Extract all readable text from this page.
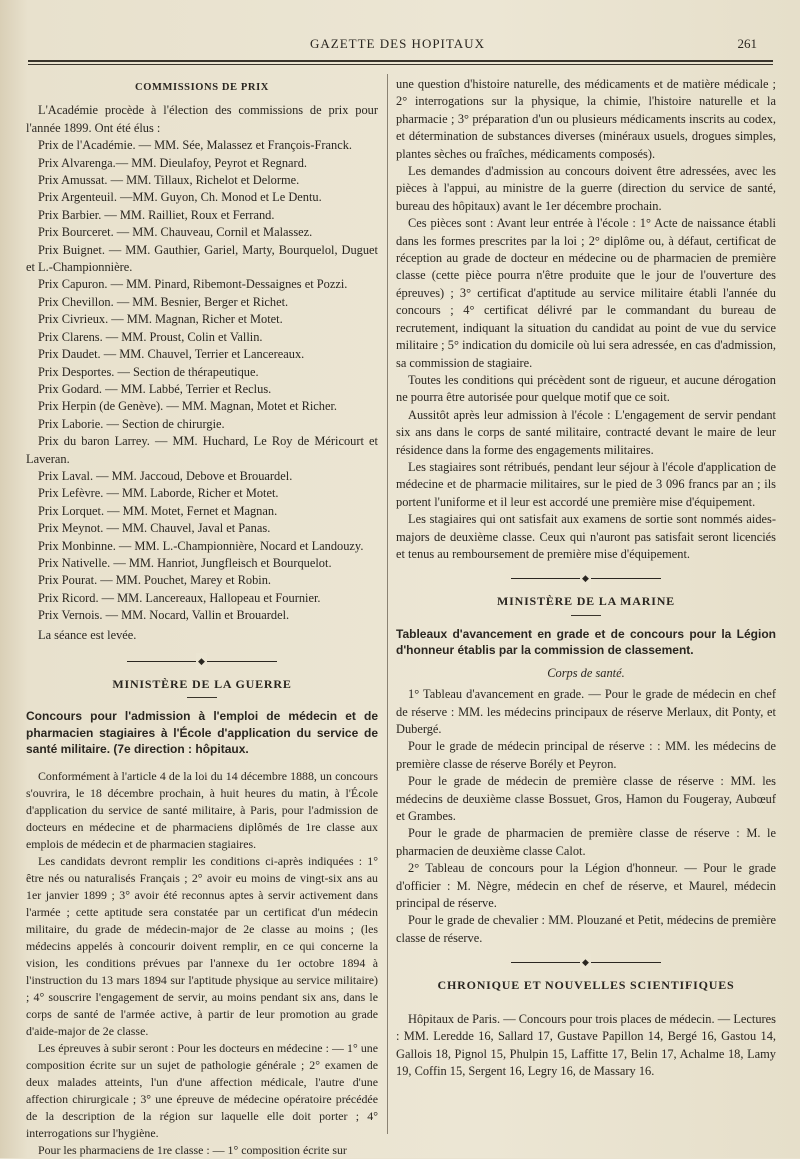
GAZETTE DES HOPITAUX	261
COMMISSIONS DE PRIX

L'Académie procède à l'élection des commissions de prix pour l'année 1899. Ont été élus :

Prix de l'Académie. — MM. Sée, Malassez et François-Franck.

Prix Alvarenga.— MM. Dieulafoy, Peyrot et Regnard.

Prix Amussat. — MM. Tillaux, Richelot et Delorme.

Prix Argenteuil. —MM. Guyon, Ch. Monod et Le Dentu.

Prix Barbier. — MM. Railliet, Roux et Ferrand.

Prix Bourceret. — MM. Chauveau, Cornil et Malassez.

Prix Buignet. — MM. Gauthier, Gariel, Marty, Bourquelol, Duguet et L.-Championnière.

Prix Capuron. — MM. Pinard, Ribemont-Dessaignes et Pozzi.

Prix Chevillon. — MM. Besnier, Berger et Richet.

Prix Civrieux. — MM. Magnan, Richer et Motet.

Prix Clarens. — MM. Proust, Colin et Vallin.

Prix Daudet. — MM. Chauvel, Terrier et Lancereaux.

Prix Desportes. — Section de thérapeutique.

Prix Godard. — MM. Labbé, Terrier et Reclus.

Prix Herpin (de Genève). — MM. Magnan, Motet et Richer.

Prix Laborie. — Section de chirurgie.

Prix du baron Larrey. — MM. Huchard, Le Roy de Méricourt et Laveran.

Prix Laval. — MM. Jaccoud, Debove et Brouardel.

Prix Lefèvre. — MM. Laborde, Richer et Motet.

Prix Lorquet. — MM. Motet, Fernet et Magnan.

Prix Meynot. — MM. Chauvel, Javal et Panas.

Prix Monbinne. — MM. L.-Championnière, Nocard et Landouzy.

Prix Nativelle. — MM. Hanriot, Jungfleisch et Bourquelot.

Prix Pourat. — MM. Pouchet, Marey et Robin.

Prix Ricord. — MM. Lancereaux, Hallopeau et Fournier.

Prix Vernois. — MM. Nocard, Vallin et Brouardel.

La séance est levée.

◆
MINISTÈRE DE LA GUERRE

Concours pour l'admission à l'emploi de médecin et de pharmacien stagiaires à l'École d'application du service de santé militaire. (7e direction : hôpitaux.

Conformément à l'article 4 de la loi du 14 décembre 1888, un concours s'ouvrira, le 18 décembre prochain, à huit heures du matin, à l'École d'application du service de santé militaire, à Paris, pour l'admission de docteurs en médecine et de pharmaciens diplômés de 1re classe aux emplois de médecin et de pharmacien stagiaires.

Les candidats devront remplir les conditions ci-après indiquées : 1° être nés ou naturalisés Français ; 2° avoir eu moins de vingt-six ans au 1er janvier 1899 ; 3° avoir été reconnus aptes à servir activement dans l'armée ; cette aptitude sera constatée par un certificat d'un médecin militaire, du grade de médecin-major de 2e classe au moins ; (les médecins appelés à concourir doivent remplir, en ce qui concerne la vision, les conditions prévues par l'annexe du 1er octobre 1894 à l'instruction du 13 mars 1894 sur l'aptitude physique au service militaire) ; 4° souscrire l'engagement de servir, au moins pendant six ans, dans le corps de santé de l'armée active, à partir de leur promotion au grade d'aide-major de 2e classe.

Les épreuves à subir seront : Pour les docteurs en médecine : — 1° une composition écrite sur un sujet de pathologie générale ; 2° examen de deux malades atteints, l'un d'une affection médicale, l'autre d'une affection chirurgicale ; 3° une épreuve de médecine opératoire précédée de la description de la région sur laquelle elle doit porter ; 4° interrogations sur l'hygiène.

Pour les pharmaciens de 1re classe : — 1° composition écrite sur

une question d'histoire naturelle, des médicaments et de matière médicale ; 2° interrogations sur la physique, la chimie, l'histoire naturelle et la pharmacie ; 3° préparation d'un ou plusieurs médicaments inscrits au codex, et détermination de substances diverses (minéraux usuels, drogues simples, plantes sèches ou fraîches, médicaments composés).

Les demandes d'admission au concours doivent être adressées, avec les pièces à l'appui, au ministre de la guerre (direction du service de santé, bureau des hôpitaux) avant le 1er décembre prochain.

Ces pièces sont : Avant leur entrée à l'école : 1° Acte de naissance établi dans les formes prescrites par la loi ; 2° diplôme ou, à défaut, certificat de réception au grade de docteur en médecine ou de pharmacien de première classe (cette pièce pourra n'être produite que le jour de l'ouverture des épreuves) ; 3° certificat d'aptitude au service militaire établi l'année du concours ; 4° certificat délivré par le commandant du bureau de recrutement, indiquant la situation du candidat au point de vue du service militaire ; 5° indication du domicile où lui sera adressée, en cas d'admission, sa commission de stagiaire.

Toutes les conditions qui précèdent sont de rigueur, et aucune dérogation ne pourra être autorisée pour quelque motif que ce soit.

Aussitôt après leur admission à l'école : L'engagement de servir pendant six ans dans le corps de santé militaire, contracté devant le maire de leur résidence dans la forme des engagements militaires.

Les stagiaires sont rétribués, pendant leur séjour à l'école d'application de médecine et de pharmacie militaires, sur le pied de 3 096 francs par an ; ils portent l'uniforme et il leur est accordé une première mise d'équipement.

Les stagiaires qui ont satisfait aux examens de sortie sont nommés aides-majors de deuxième classe. Ceux qui n'auront pas satisfait seront licenciés et tenus au remboursement de première mise d'équipement.

◆
MINISTÈRE DE LA MARINE

Tableaux d'avancement en grade et de concours pour la Légion d'honneur établis par la commission de classement.

Corps de santé.

1° Tableau d'avancement en grade. — Pour le grade de médecin en chef de réserve : MM. les médecins principaux de réserve Merlaux, dit Ponty, et Dubergé.

Pour le grade de médecin principal de réserve : : MM. les médecins de première classe de réserve Borély et Peyron.

Pour le grade de médecin de première classe de réserve : MM. les médecins de deuxième classe Bossuet, Gros, Hamon du Fougeray, Aubœuf et Grambes.

Pour le grade de pharmacien de première classe de réserve : M. le pharmacien de deuxième classe Calot.

2° Tableau de concours pour la Légion d'honneur. — Pour le grade d'officier : M. Nègre, médecin en chef de réserve, et Maurel, médecin principal de réserve.

Pour le grade de chevalier : MM. Plouzané et Petit, médecins de première classe de réserve.

◆
CHRONIQUE ET NOUVELLES SCIENTIFIQUES

Hôpitaux de Paris. — Concours pour trois places de médecin. — Lectures : MM. Leredde 16, Sallard 17, Gustave Papillon 14, Bergé 16, Gastou 14, Gallois 18, Pignol 15, Phulpin 15, Laffitte 17, Belin 17, Achalme 18, Lamy 19, Coffin 15, Sergent 16, Legry 16, de Massary 16.
